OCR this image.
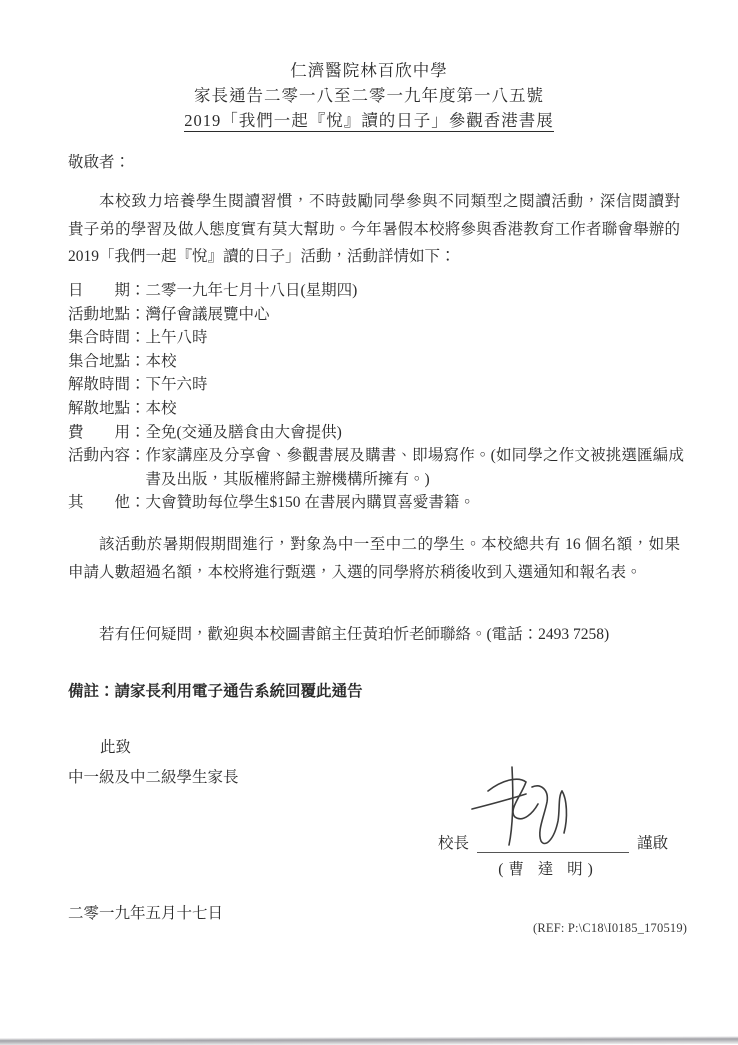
仁濟醫院林百欣中學
家長通告二零一八至二零一九年度第一八五號
2019「我們一起『悅』讀的日子」參觀香港書展
敬啟者：

本校致力培養學生閱讀習慣，不時鼓勵同學參與不同類型之閱讀活動，深信閱讀對　貴子弟的學習及做人態度實有莫大幫助。今年暑假本校將參與香港教育工作者聯會舉辦的 2019「我們一起『悅』讀的日子」活動，活動詳情如下：

日　　期： 二零一九年七月十八日(星期四)
活動地點： 灣仔會議展覽中心
集合時間： 上午八時
集合地點： 本校
解散時間： 下午六時
解散地點： 本校
費　　用： 全免(交通及膳食由大會提供)
活動內容： 作家講座及分享會、參觀書展及購書、即場寫作。(如同學之作文被挑選匯編成書及出版，其版權將歸主辦機構所擁有。)
其　　他： 大會贊助每位學生$150 在書展內購買喜愛書籍。

該活動於暑期假期間進行，對象為中一至中二的學生。本校總共有 16 個名額，如果申請人數超過名額，本校將進行甄選，入選的同學將於稍後收到入選通知和報名表。

若有任何疑問，歡迎與本校圖書館主任黃珀忻老師聯絡。(電話：2493 7258)

備註：請家長利用電子通告系統回覆此通告

此致
中一級及中二級學生家長
校長	謹啟
(曹 達 明)
二零一九年五月十七日
(REF: P:\C18\I0185_170519)
